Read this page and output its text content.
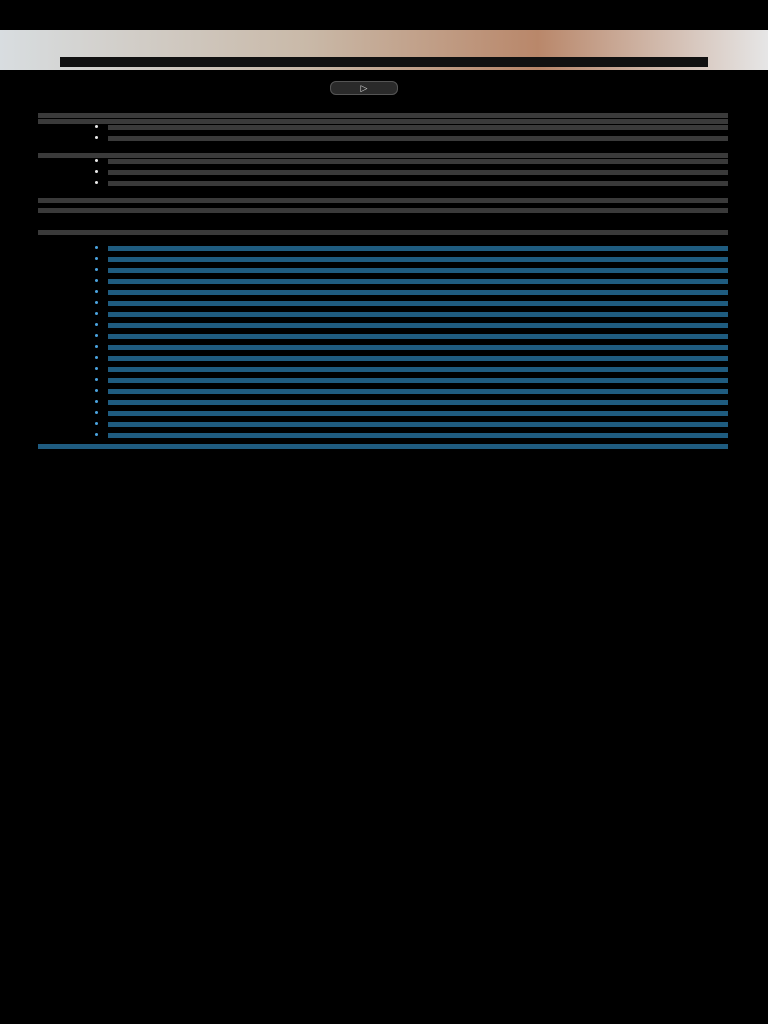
▷

•
•

•
•
•

•
•
•
•
•
•
•
•
•
•
•
•
•
•
•
•
•
•
